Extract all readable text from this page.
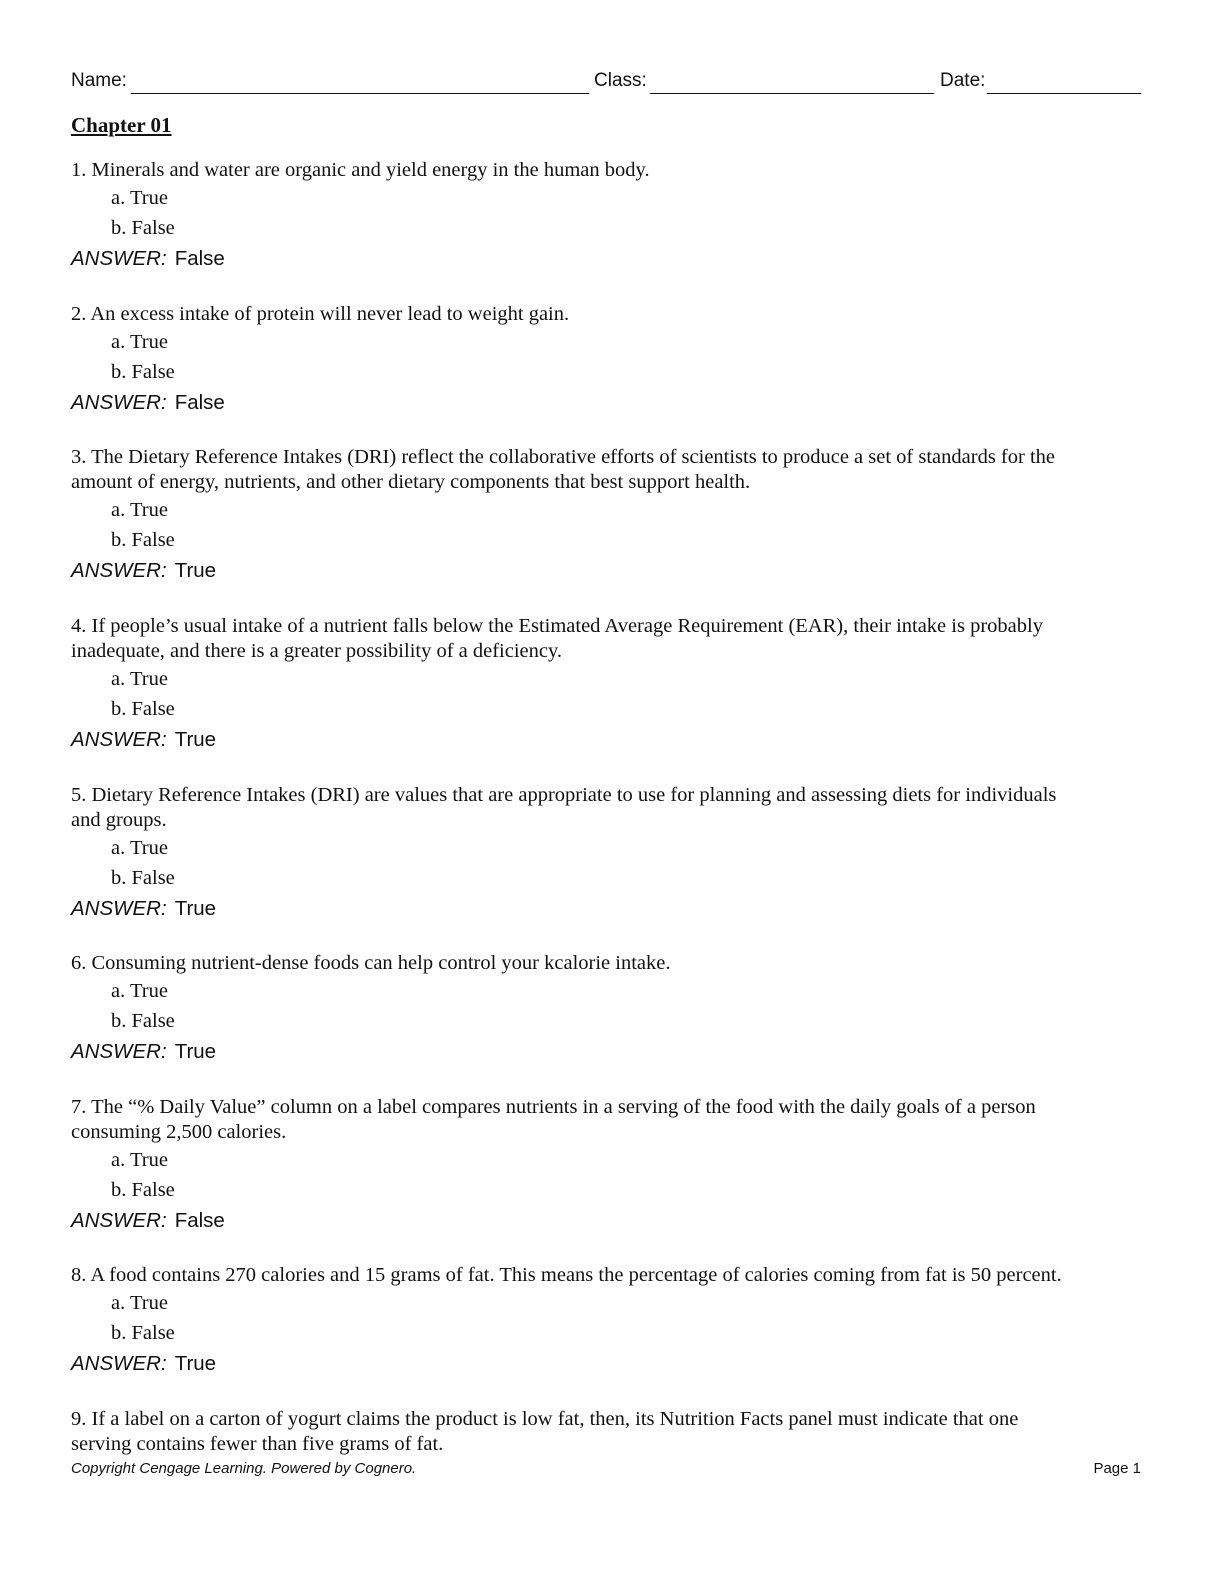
Name:	Class:	Date:
Chapter 01
1. Minerals and water are organic and yield energy in the human body.
a. True
b. False
ANSWER: False
2. An excess intake of protein will never lead to weight gain.
a. True
b. False
ANSWER: False
3. The Dietary Reference Intakes (DRI) reflect the collaborative efforts of scientists to produce a set of standards for the
amount of energy, nutrients, and other dietary components that best support health.
a. True
b. False
ANSWER: True
4. If people’s usual intake of a nutrient falls below the Estimated Average Requirement (EAR), their intake is probably
inadequate, and there is a greater possibility of a deficiency.
a. True
b. False
ANSWER: True
5. Dietary Reference Intakes (DRI) are values that are appropriate to use for planning and assessing diets for individuals
and groups.
a. True
b. False
ANSWER: True
6. Consuming nutrient-dense foods can help control your kcalorie intake.
a. True
b. False
ANSWER: True
7. The “% Daily Value” column on a label compares nutrients in a serving of the food with the daily goals of a person
consuming 2,500 calories.
a. True
b. False
ANSWER: False
8. A food contains 270 calories and 15 grams of fat. This means the percentage of calories coming from fat is 50 percent.
a. True
b. False
ANSWER: True
9. If a label on a carton of yogurt claims the product is low fat, then, its Nutrition Facts panel must indicate that one
serving contains fewer than five grams of fat.
Copyright Cengage Learning. Powered by Cognero.	Page 1
